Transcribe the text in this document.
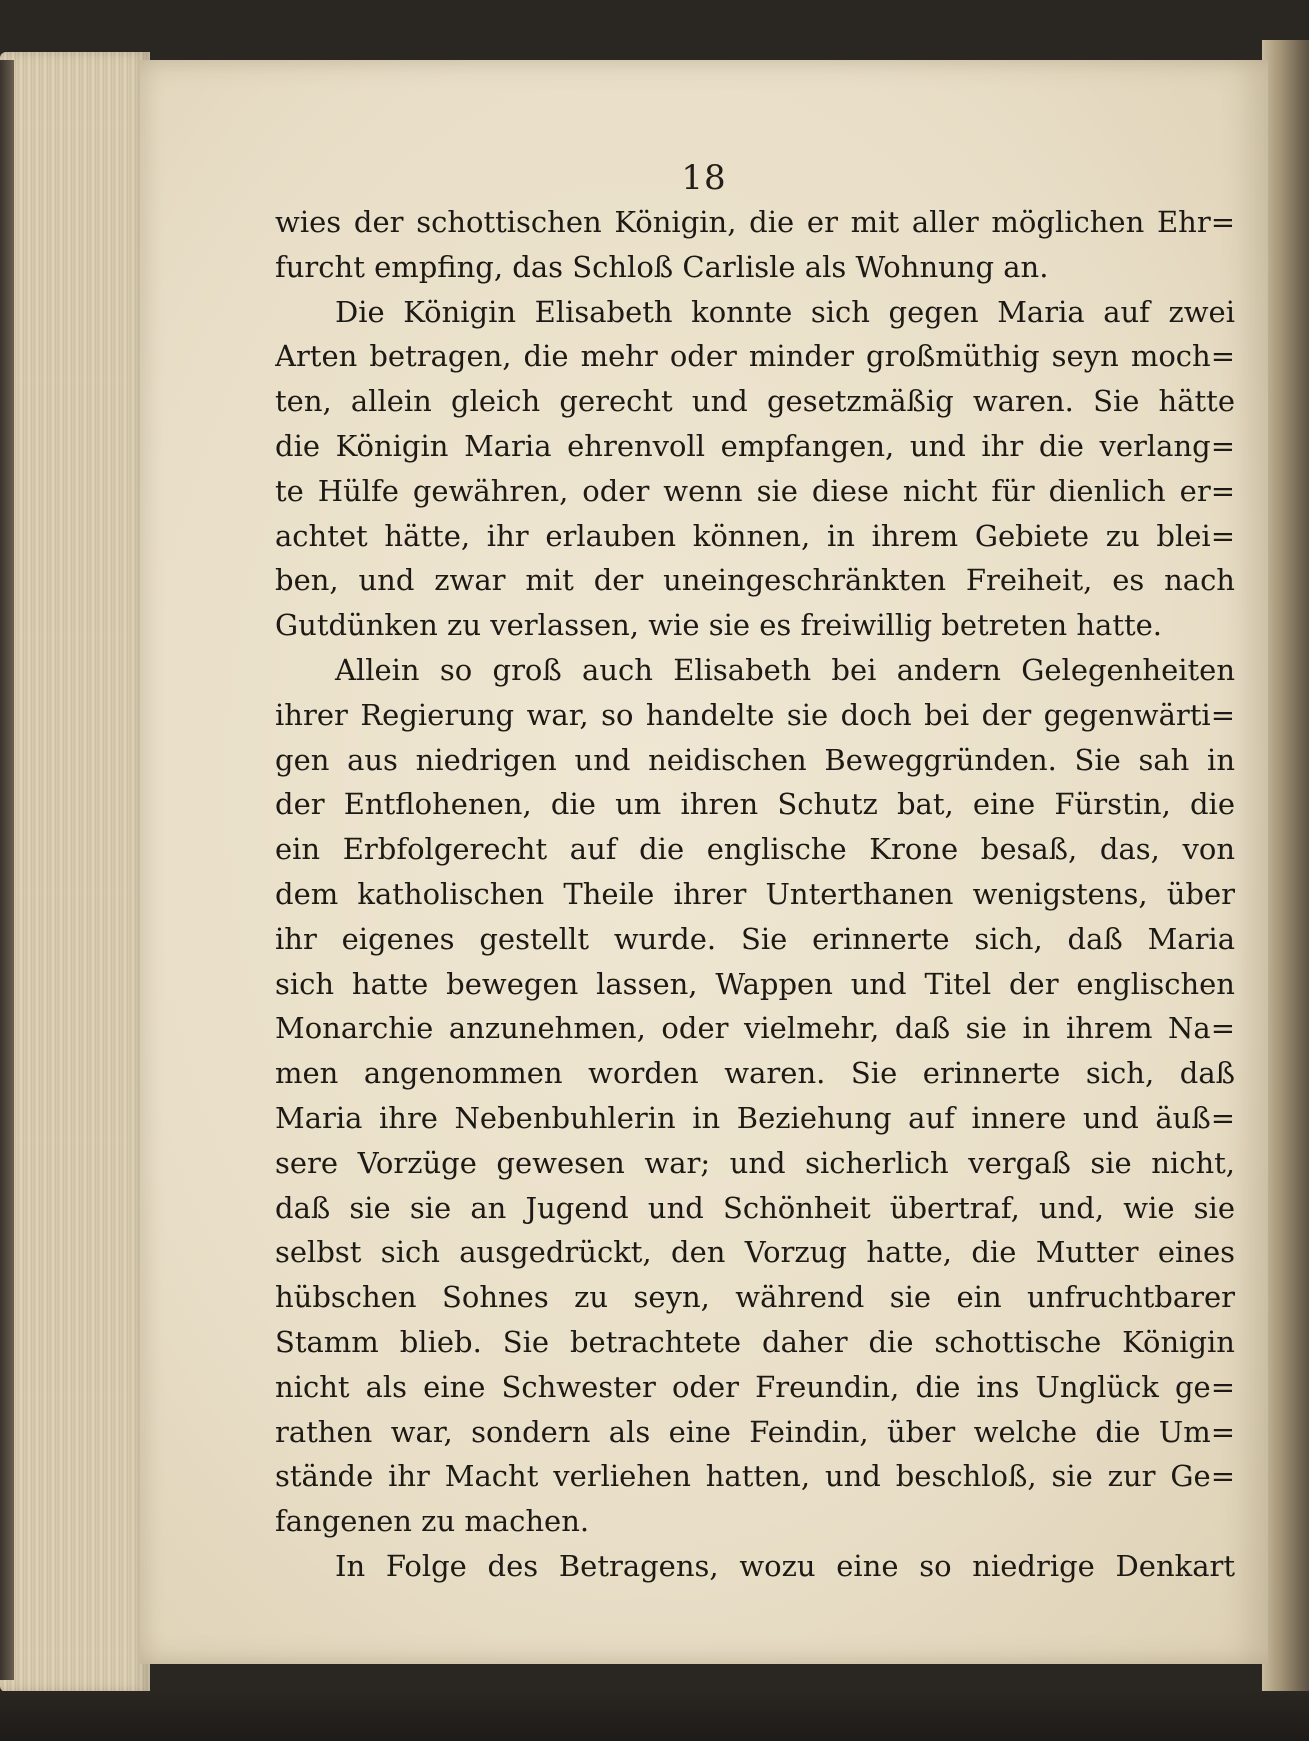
18
wies der schottischen Königin, die er mit aller möglichen Ehr=
furcht empfing, das Schloß Carlisle als Wohnung an.
Die Königin Elisabeth konnte sich gegen Maria auf zwei
Arten betragen, die mehr oder minder großmüthig seyn moch=
ten, allein gleich gerecht und gesetzmäßig waren. Sie hätte
die Königin Maria ehrenvoll empfangen, und ihr die verlang=
te Hülfe gewähren, oder wenn sie diese nicht für dienlich er=
achtet hätte, ihr erlauben können, in ihrem Gebiete zu blei=
ben, und zwar mit der uneingeschränkten Freiheit, es nach
Gutdünken zu verlassen, wie sie es freiwillig betreten hatte.
Allein so groß auch Elisabeth bei andern Gelegenheiten
ihrer Regierung war, so handelte sie doch bei der gegenwärti=
gen aus niedrigen und neidischen Beweggründen. Sie sah in
der Entflohenen, die um ihren Schutz bat, eine Fürstin, die
ein Erbfolgerecht auf die englische Krone besaß, das, von
dem katholischen Theile ihrer Unterthanen wenigstens, über
ihr eigenes gestellt wurde. Sie erinnerte sich, daß Maria
sich hatte bewegen lassen, Wappen und Titel der englischen
Monarchie anzunehmen, oder vielmehr, daß sie in ihrem Na=
men angenommen worden waren. Sie erinnerte sich, daß
Maria ihre Nebenbuhlerin in Beziehung auf innere und äuß=
sere Vorzüge gewesen war; und sicherlich vergaß sie nicht,
daß sie sie an Jugend und Schönheit übertraf, und, wie sie
selbst sich ausgedrückt, den Vorzug hatte, die Mutter eines
hübschen Sohnes zu seyn, während sie ein unfruchtbarer
Stamm blieb. Sie betrachtete daher die schottische Königin
nicht als eine Schwester oder Freundin, die ins Unglück ge=
rathen war, sondern als eine Feindin, über welche die Um=
stände ihr Macht verliehen hatten, und beschloß, sie zur Ge=
fangenen zu machen.
In Folge des Betragens, wozu eine so niedrige Denkart
